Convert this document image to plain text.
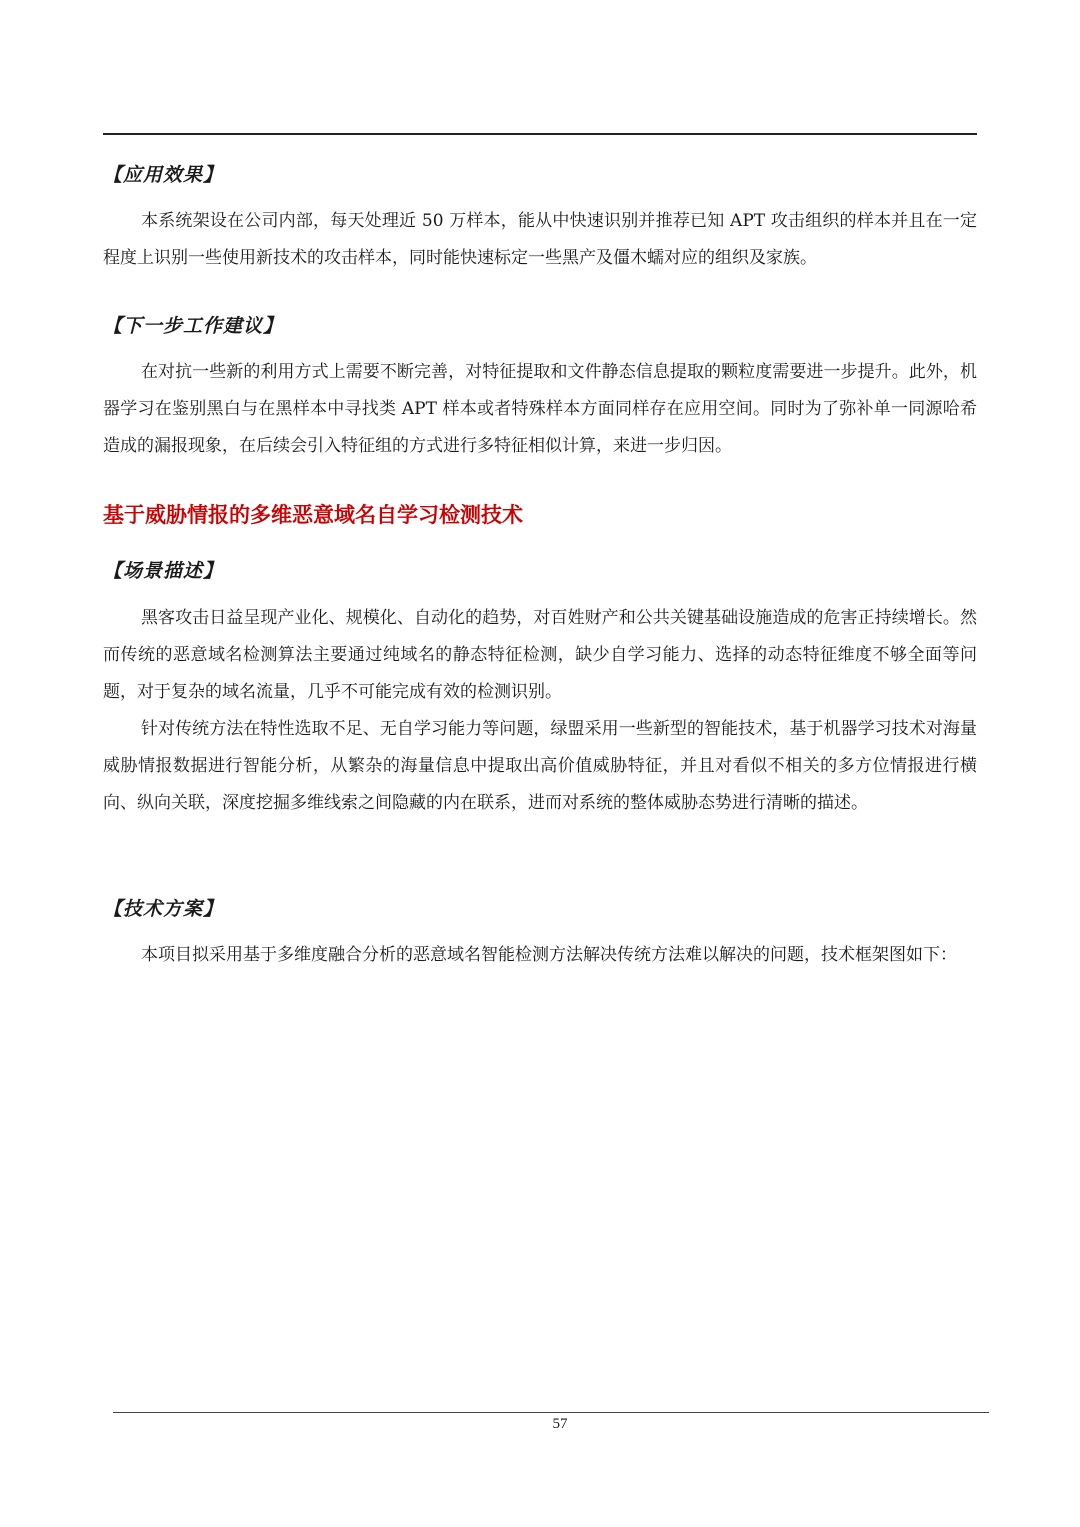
【应用效果】

本系统架设在公司内部，每天处理近 50 万样本，能从中快速识别并推荐已知 APT 攻击组织的样本并且在一定程度上识别一些使用新技术的攻击样本，同时能快速标定一些黑产及僵木蠕对应的组织及家族。

【下一步工作建议】

在对抗一些新的利用方式上需要不断完善，对特征提取和文件静态信息提取的颗粒度需要进一步提升。此外，机器学习在鉴别黑白与在黑样本中寻找类 APT 样本或者特殊样本方面同样存在应用空间。同时为了弥补单一同源哈希造成的漏报现象，在后续会引入特征组的方式进行多特征相似计算，来进一步归因。

基于威胁情报的多维恶意域名自学习检测技术
【场景描述】

黑客攻击日益呈现产业化、规模化、自动化的趋势，对百姓财产和公共关键基础设施造成的危害正持续增长。然而传统的恶意域名检测算法主要通过纯域名的静态特征检测，缺少自学习能力、选择的动态特征维度不够全面等问题，对于复杂的域名流量，几乎不可能完成有效的检测识别。

针对传统方法在特性选取不足、无自学习能力等问题，绿盟采用一些新型的智能技术，基于机器学习技术对海量威胁情报数据进行智能分析，从繁杂的海量信息中提取出高价值威胁特征，并且对看似不相关的多方位情报进行横向、纵向关联，深度挖掘多维线索之间隐藏的内在联系，进而对系统的整体威胁态势进行清晰的描述。

【技术方案】

本项目拟采用基于多维度融合分析的恶意域名智能检测方法解决传统方法难以解决的问题，技术框架图如下：

57
